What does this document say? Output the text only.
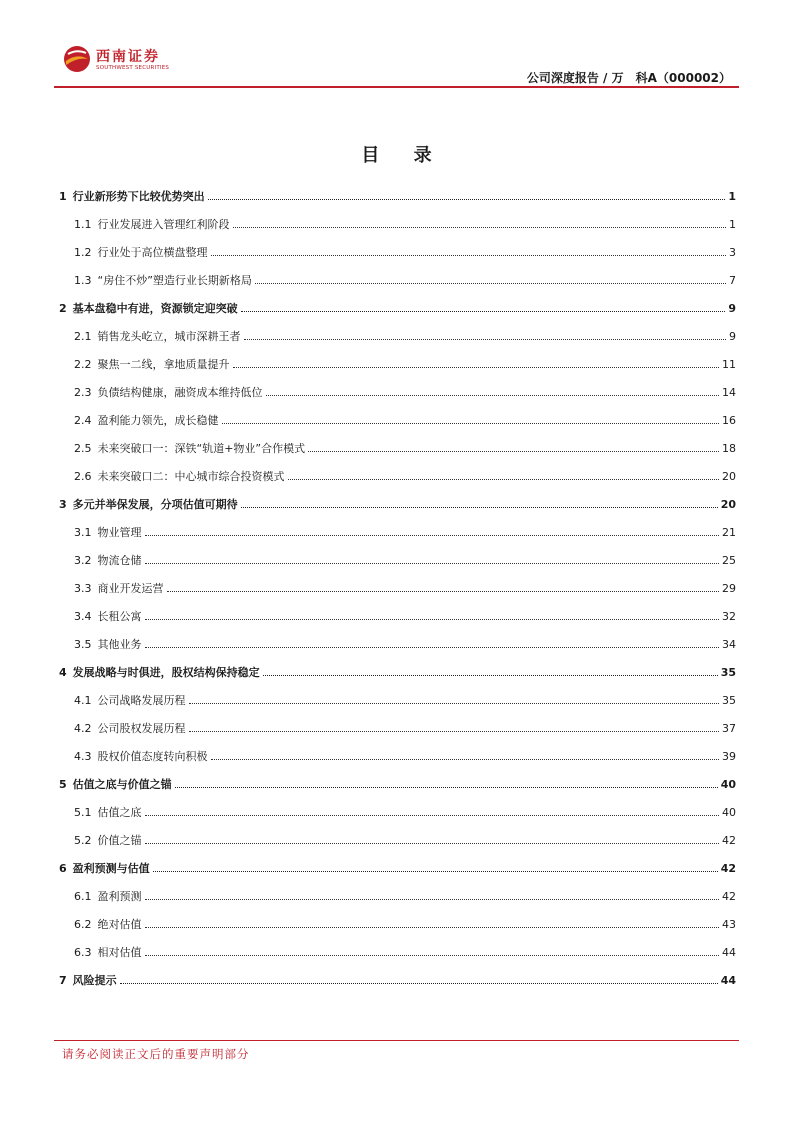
西南证券
SOUTHWEST SECURITIES
公司深度报告 / 万　科A（000002）
目 录
1 行业新形势下比较优势突出	1
1.1 行业发展进入管理红利阶段	1
1.2 行业处于高位横盘整理	3
1.3 “房住不炒”塑造行业长期新格局	7
2 基本盘稳中有进，资源锁定迎突破	9
2.1 销售龙头屹立，城市深耕王者	9
2.2 聚焦一二线，拿地质量提升	11
2.3 负债结构健康，融资成本维持低位	14
2.4 盈利能力领先，成长稳健	16
2.5 未来突破口一：深铁“轨道+物业”合作模式	18
2.6 未来突破口二：中心城市综合投资模式	20
3 多元并举保发展，分项估值可期待	20
3.1 物业管理	21
3.2 物流仓储	25
3.3 商业开发运营	29
3.4 长租公寓	32
3.5 其他业务	34
4 发展战略与时俱进，股权结构保持稳定	35
4.1 公司战略发展历程	35
4.2 公司股权发展历程	37
4.3 股权价值态度转向积极	39
5 估值之底与价值之锚	40
5.1 估值之底	40
5.2 价值之锚	42
6 盈利预测与估值	42
6.1 盈利预测	42
6.2 绝对估值	43
6.3 相对估值	44
7 风险提示	44
请务必阅读正文后的重要声明部分
